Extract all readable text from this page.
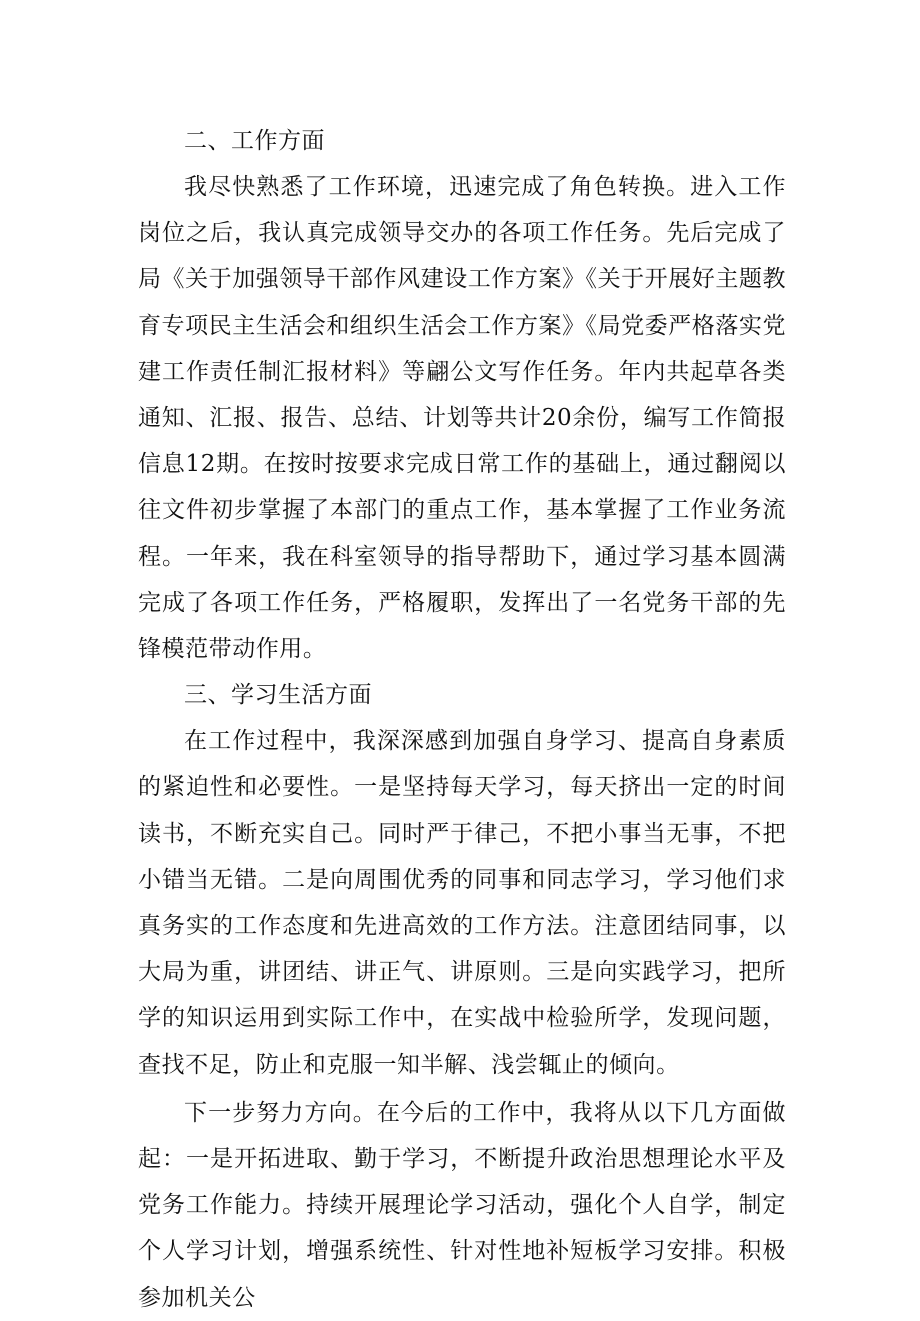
二、工作方面

我尽快熟悉了工作环境，迅速完成了角色转换。进入工作岗位之后，我认真完成领导交办的各项工作任务。先后完成了局《关于加强领导干部作风建设工作方案》《关于开展好主题教育专项民主生活会和组织生活会工作方案》《局党委严格落实党建工作责任制汇报材料》等翩公文写作任务。年内共起草各类通知、汇报、报告、总结、计划等共计20余份，编写工作简报信息12期。在按时按要求完成日常工作的基础上，通过翻阅以往文件初步掌握了本部门的重点工作，基本掌握了工作业务流程。一年来，我在科室领导的指导帮助下，通过学习基本圆满完成了各项工作任务，严格履职，发挥出了一名党务干部的先锋模范带动作用。

三、学习生活方面

在工作过程中，我深深感到加强自身学习、提高自身素质的紧迫性和必要性。一是坚持每天学习，每天挤出一定的时间读书，不断充实自己。同时严于律己，不把小事当无事，不把小错当无错。二是向周围优秀的同事和同志学习，学习他们求真务实的工作态度和先进高效的工作方法。注意团结同事，以大局为重，讲团结、讲正气、讲原则。三是向实践学习，把所学的知识运用到实际工作中，在实战中检验所学，发现问题，查找不足，防止和克服一知半解、浅尝辄止的倾向。

下一步努力方向。在今后的工作中，我将从以下几方面做起：一是开拓进取、勤于学习，不断提升政治思想理论水平及党务工作能力。持续开展理论学习活动，强化个人自学，制定个人学习计划，增强系统性、针对性地补短板学习安排。积极参加机关公
